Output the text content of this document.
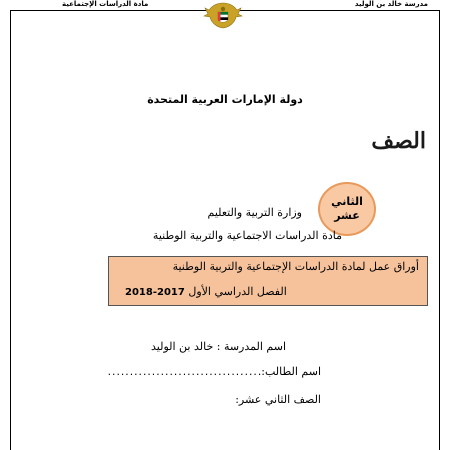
مدرسة خالد بن الوليد
مادة الدراسات الإجتماعية
دولة الإمارات العربية المتحدة
الصف
الثاني
عشر
وزارة التربية والتعليم
مادة الدراسات الاجتماعية والتربية الوطنية
أوراق عمل لمادة الدراسات الإجتماعية والتربية الوطنية
الفصل الدراسي الأول 2017-2018
اسم المدرسة : خالد بن الوليد
اسم الطالب:...................................
الصف الثاني عشر:
